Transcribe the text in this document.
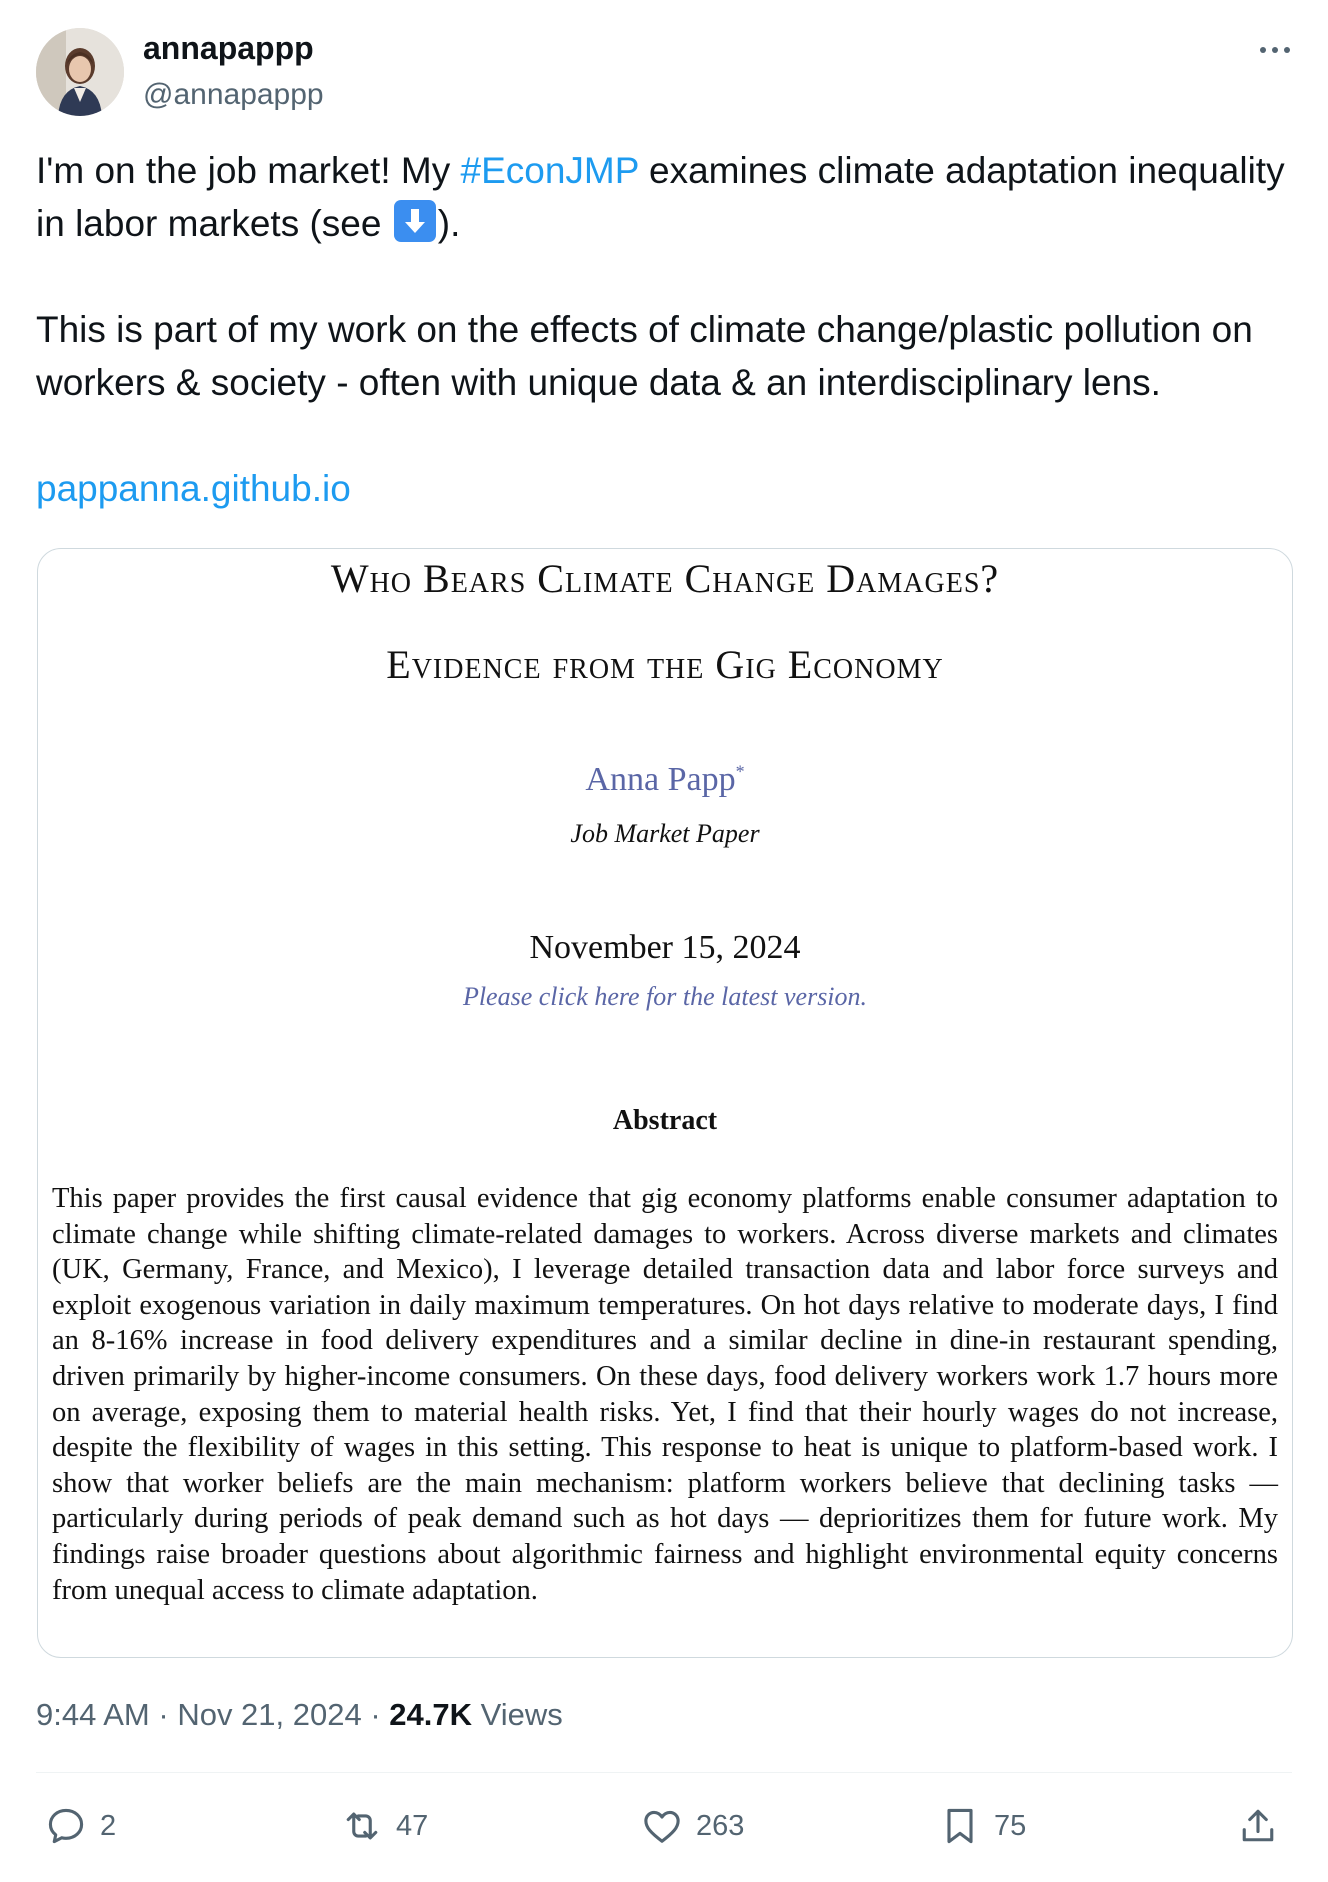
annapappp
@annapappp

I'm on the job market! My #EconJMP examines climate adaptation inequality in labor markets (see
).

This is part of my work on the effects of climate change/plastic pollution on workers & society - often with unique data & an interdisciplinary lens.

pappanna.github.io

Who Bears Climate Change Damages?
Evidence from the Gig Economy
Anna Papp*
Job Market Paper
November 15, 2024
Please click here for the latest version.
Abstract
This paper provides the first causal evidence that gig economy platforms enable consumer adaptation to climate change while shifting climate-related damages to workers. Across diverse markets and climates (UK, Germany, France, and Mexico), I leverage detailed transaction data and labor force surveys and exploit exogenous variation in daily maximum temperatures. On hot days relative to moderate days, I find an 8-16% increase in food delivery expenditures and a similar decline in dine-in restaurant spending, driven primarily by higher-income consumers. On these days, food delivery workers work 1.7 hours more on average, exposing them to material health risks. Yet, I find that their hourly wages do not increase, despite the flexibility of wages in this setting. This response to heat is unique to platform-based work. I show that worker beliefs are the main mechanism: platform workers believe that declining tasks — particularly during periods of peak demand such as hot days — deprioritizes them for future work. My findings raise broader questions about algorithmic fairness and highlight environmental equity concerns from unequal access to climate adaptation.
9:44 AM · Nov 21, 2024 · 24.7K Views
2	47	263	75
